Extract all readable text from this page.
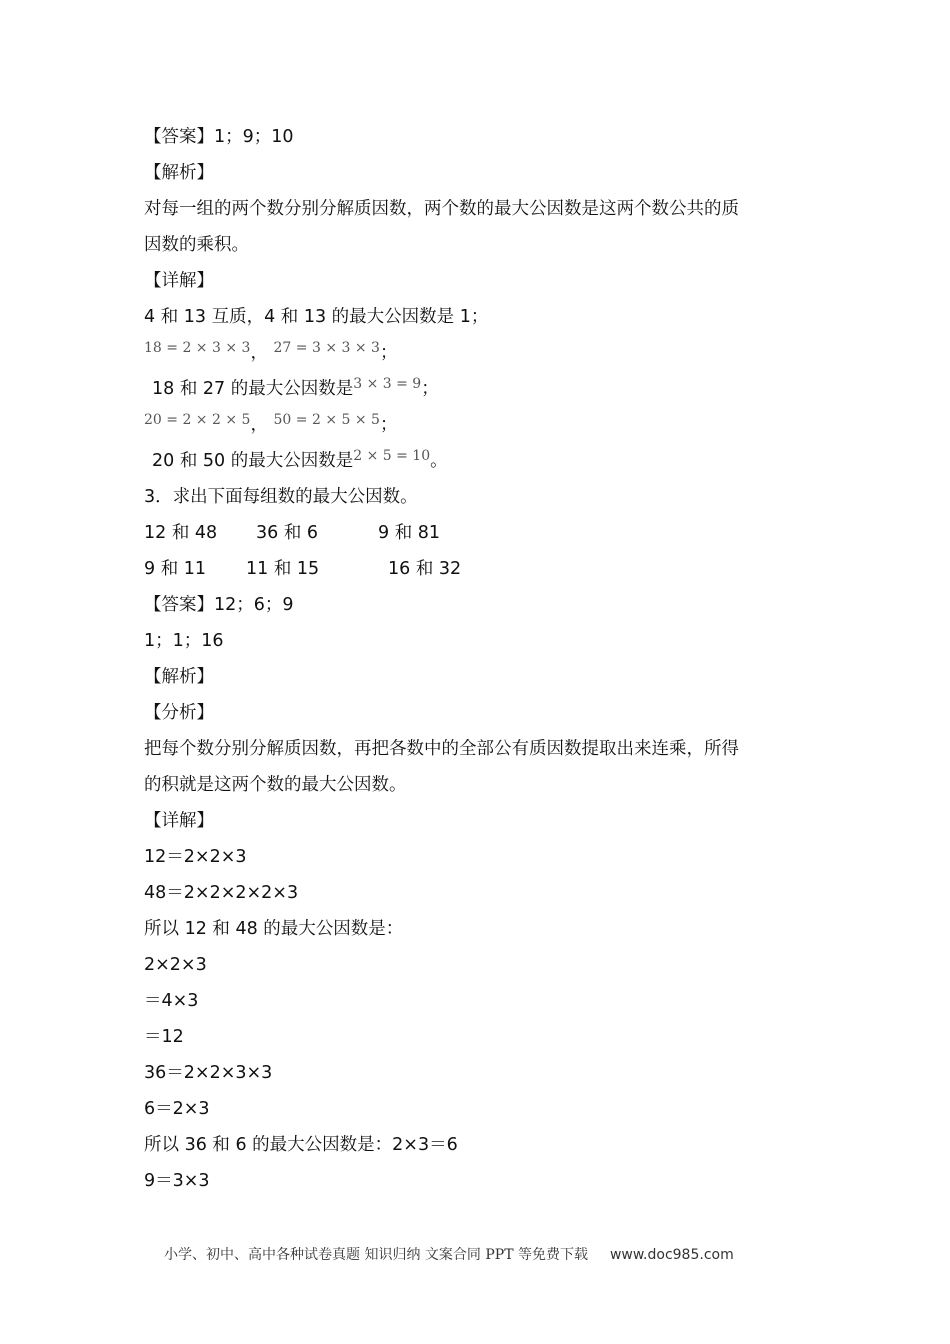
【答案】1；9；10
【解析】
对每一组的两个数分别分解质因数，两个数的最大公因数是这两个数公共的质
因数的乘积。
【详解】
4 和 13 互质，4 和 13 的最大公因数是 1；
$^{18 = 2 \times 3 \times 3}$， $^{27 = 3 \times 3 \times 3}$；
18 和 27 的最大公因数是$^{3 \times 3 = 9}$；
$^{20 = 2 \times 2 \times 5}$， $^{50 = 2 \times 5 \times 5}$；
20 和 50 的最大公因数是$^{2 \times 5 = 10}$。
3．求出下面每组数的最大公因数。
12 和 48 36 和 6	9 和 81
9 和 11 11 和 15	16 和 32
【答案】12；6；9
1；1；16
【解析】
【分析】
把每个数分别分解质因数，再把各数中的全部公有质因数提取出来连乘，所得
的积就是这两个数的最大公因数。
【详解】
12＝2×2×3
48＝2×2×2×2×3
所以 12 和 48 的最大公因数是：
2×2×3
＝4×3
＝12
36＝2×2×3×3
6＝2×3
所以 36 和 6 的最大公因数是：2×3＝6
9＝3×3
小学、初中、高中各种试卷真题 知识归纳 文案合同 PPT 等免费下载 www.doc985.com
